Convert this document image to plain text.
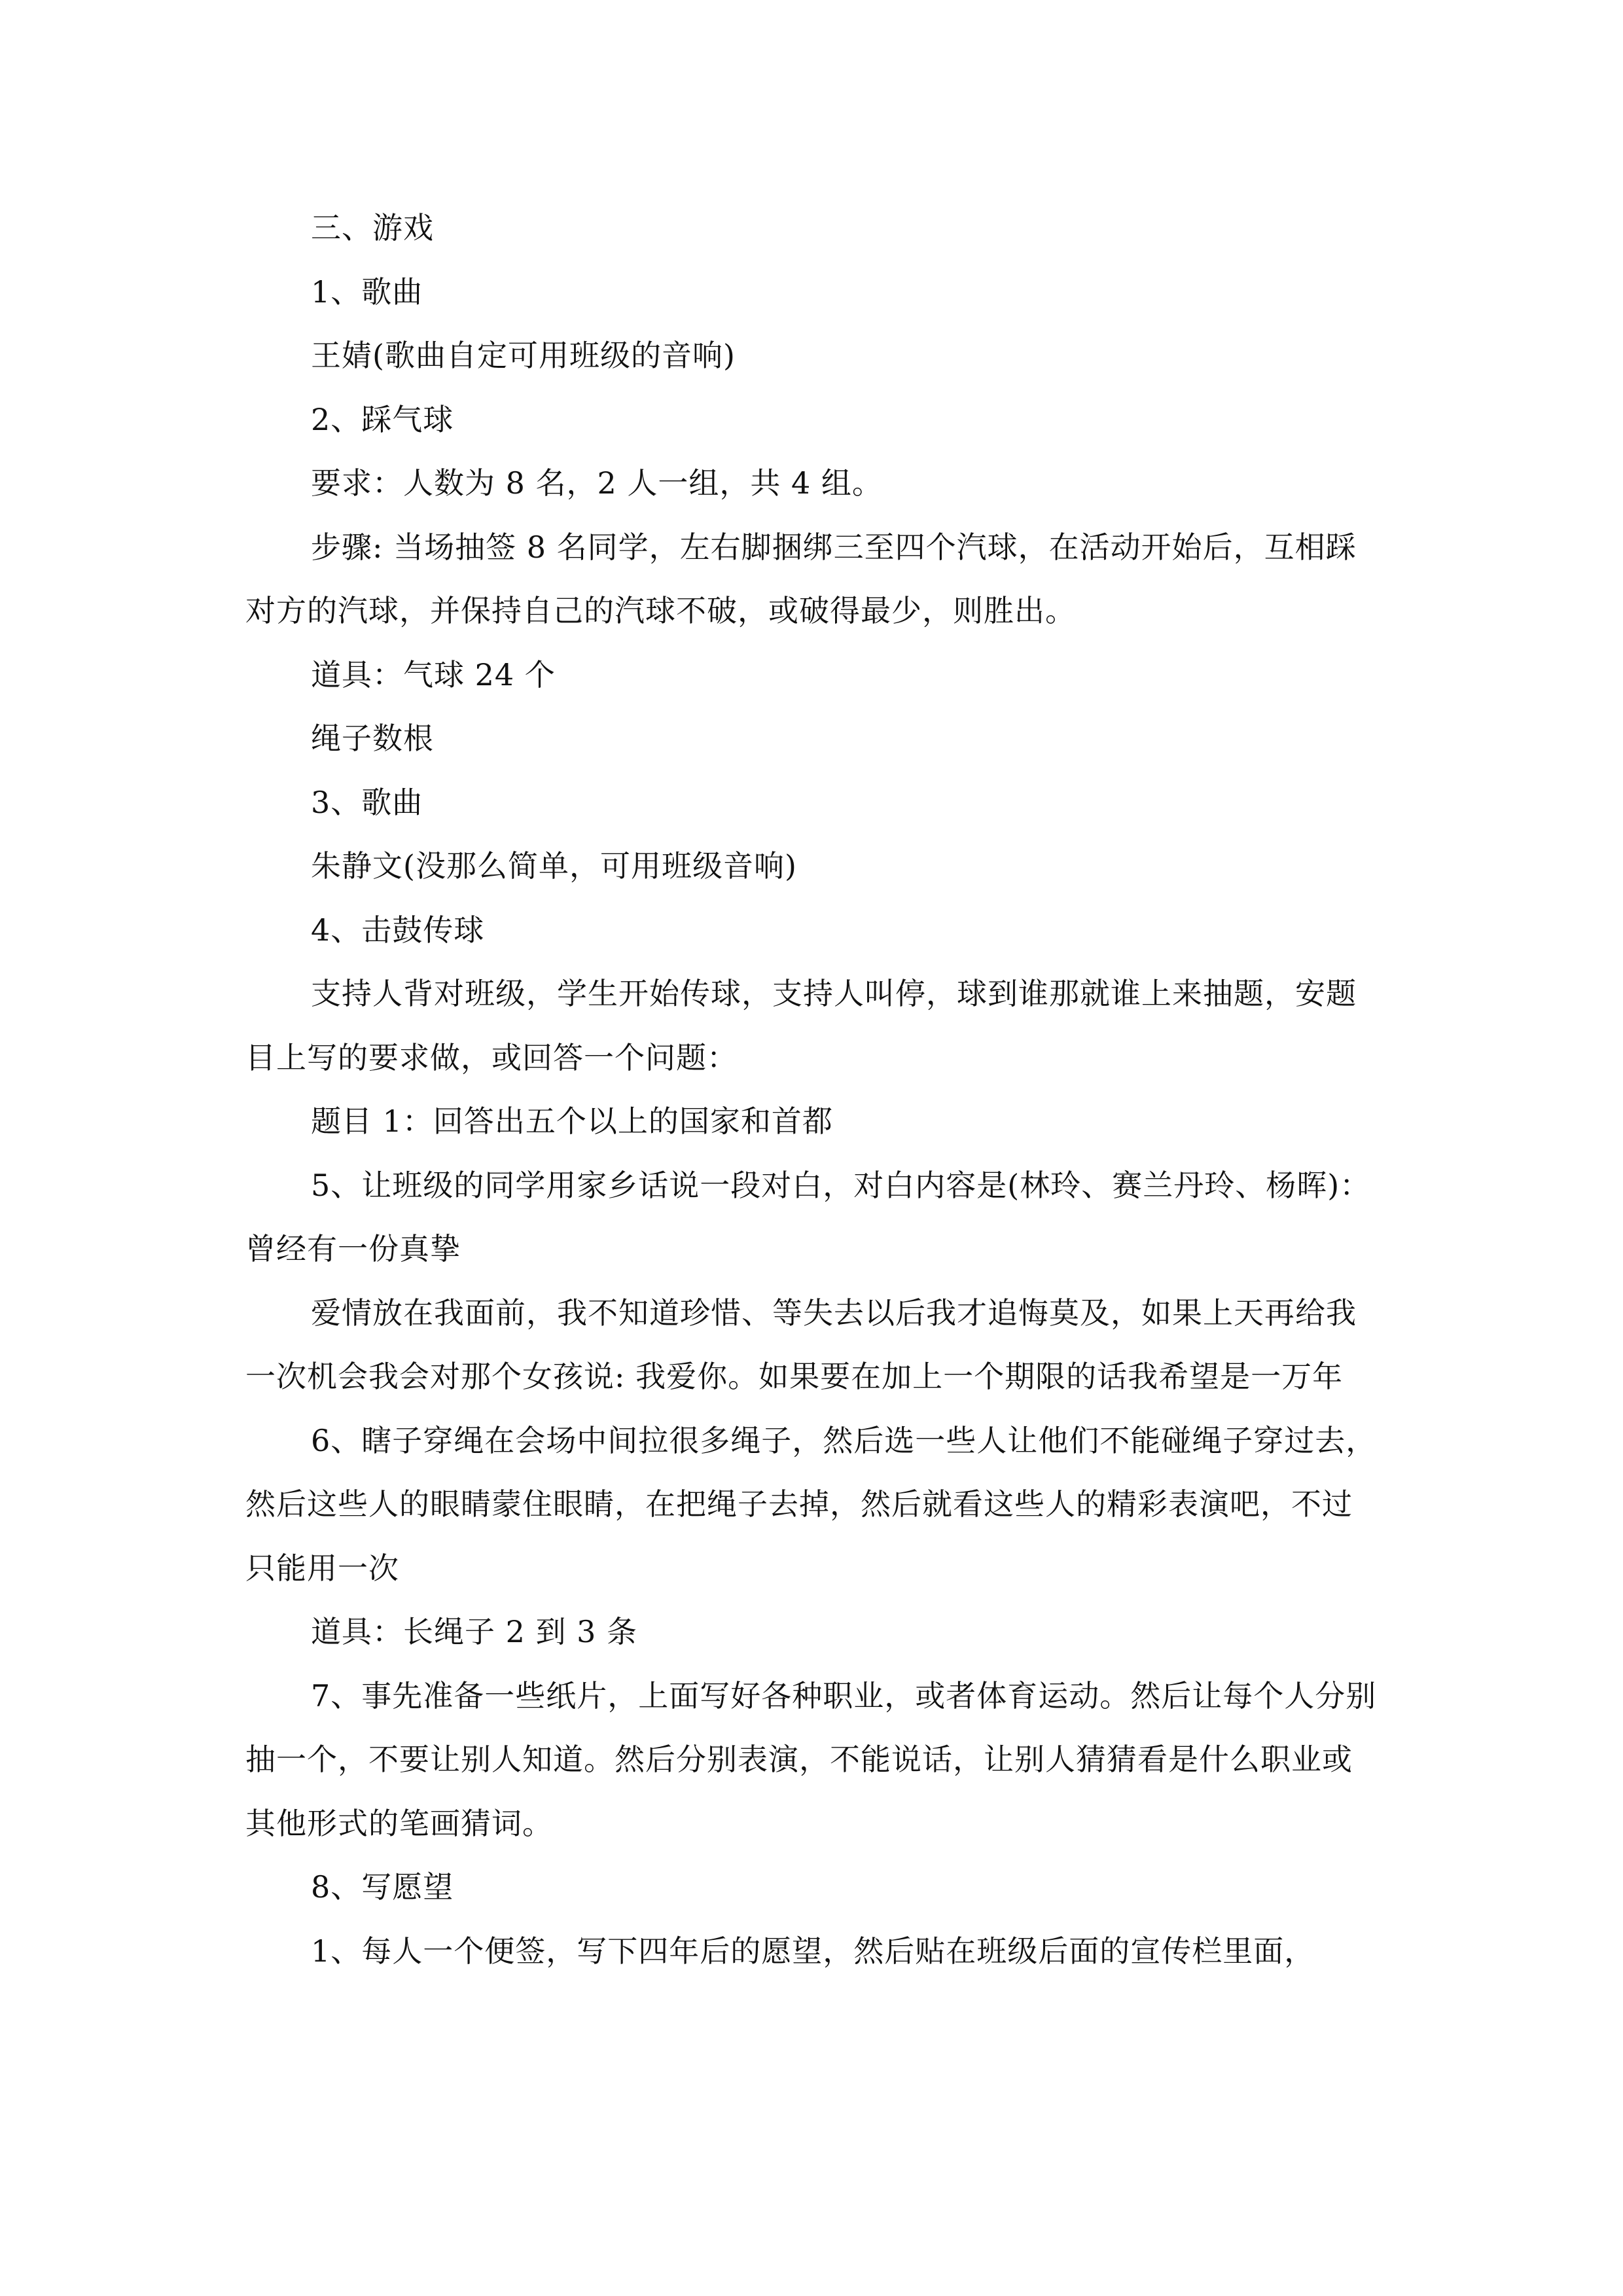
三、游戏

1、歌曲

王婧(歌曲自定可用班级的音响)

2、踩气球

要求：人数为 8 名，2 人一组，共 4 组。

步骤: 当场抽签 8 名同学，左右脚捆绑三至四个汽球，在活动开始后，互相踩对方的汽球，并保持自己的汽球不破，或破得最少，则胜出。

道具：气球 24 个

绳子数根

3、歌曲

朱静文(没那么简单，可用班级音响)

4、击鼓传球

支持人背对班级，学生开始传球，支持人叫停，球到谁那就谁上来抽题，安题目上写的要求做，或回答一个问题：

题目 1：回答出五个以上的国家和首都

5、让班级的同学用家乡话说一段对白，对白内容是(林玲、赛兰丹玲、杨晖)：曾经有一份真挚

爱情放在我面前，我不知道珍惜、等失去以后我才追悔莫及，如果上天再给我一次机会我会对那个女孩说: 我爱你。如果要在加上一个期限的话我希望是一万年

6、瞎子穿绳在会场中间拉很多绳子，然后选一些人让他们不能碰绳子穿过去，然后这些人的眼睛蒙住眼睛，在把绳子去掉，然后就看这些人的精彩表演吧，不过只能用一次

道具：长绳子 2 到 3 条

7、事先准备一些纸片，上面写好各种职业，或者体育运动。然后让每个人分别抽一个，不要让别人知道。然后分别表演，不能说话，让别人猜猜看是什么职业或其他形式的笔画猜词。

8、写愿望

1、每人一个便签，写下四年后的愿望，然后贴在班级后面的宣传栏里面，
